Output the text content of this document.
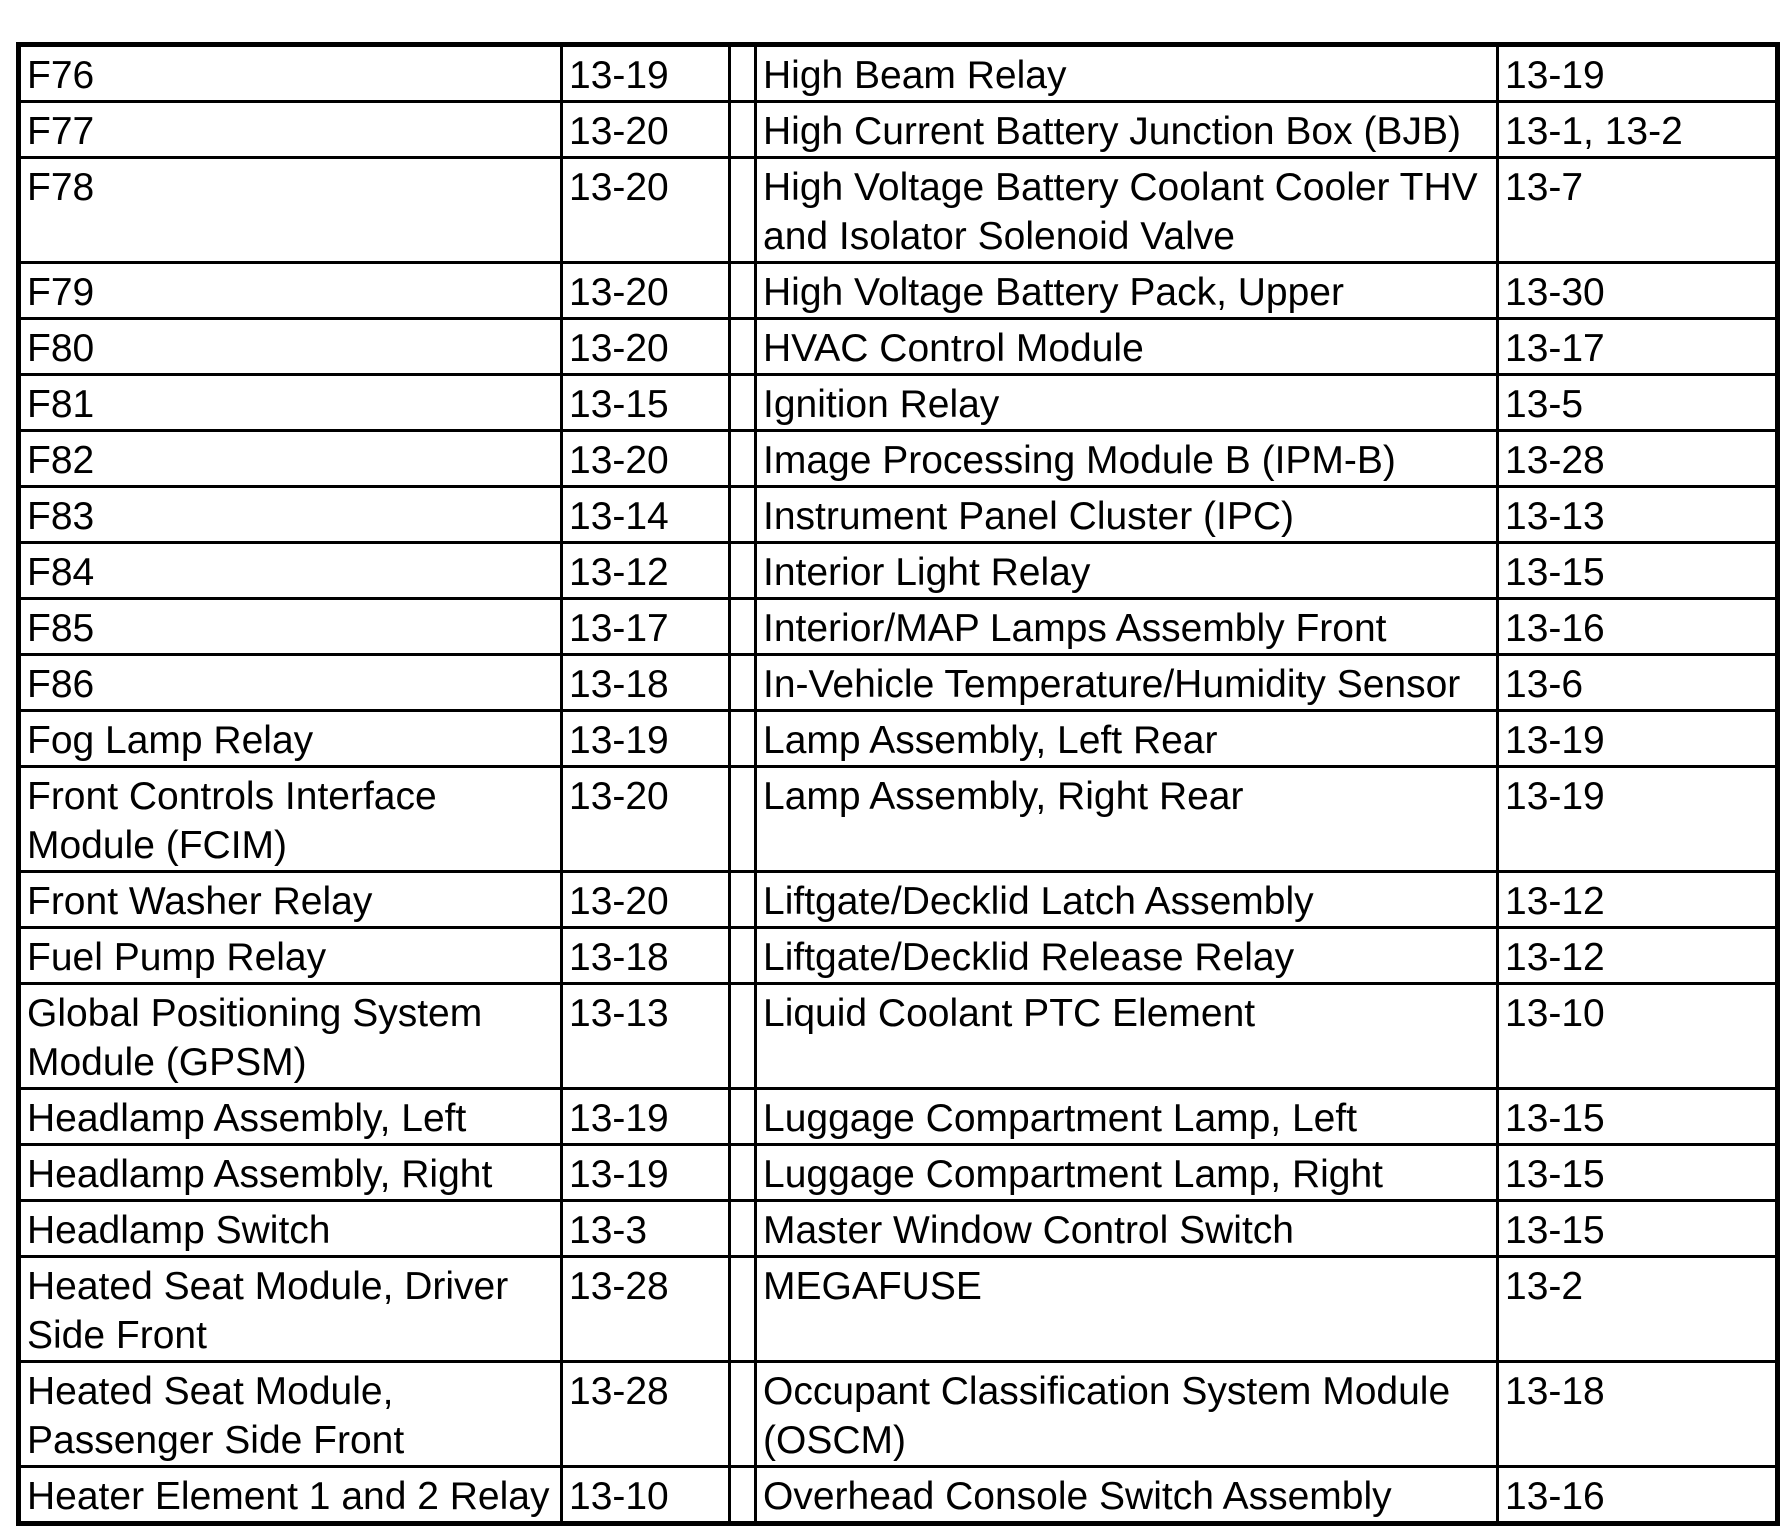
F76	13-19		High Beam Relay	13-19
F77	13-20		High Current Battery Junction Box (BJB)	13-1, 13-2
F78	13-20		High Voltage Battery Coolant Cooler THV and Isolator Solenoid Valve	13-7
F79	13-20		High Voltage Battery Pack, Upper	13-30
F80	13-20		HVAC Control Module	13-17
F81	13-15		Ignition Relay	13-5
F82	13-20		Image Processing Module B (IPM-B)	13-28
F83	13-14		Instrument Panel Cluster (IPC)	13-13
F84	13-12		Interior Light Relay	13-15
F85	13-17		Interior/MAP Lamps Assembly Front	13-16
F86	13-18		In-Vehicle Temperature/Humidity Sensor	13-6
Fog Lamp Relay	13-19		Lamp Assembly, Left Rear	13-19
Front Controls Interface Module (FCIM)	13-20		Lamp Assembly, Right Rear	13-19
Front Washer Relay	13-20		Liftgate/Decklid Latch Assembly	13-12
Fuel Pump Relay	13-18		Liftgate/Decklid Release Relay	13-12
Global Positioning System Module (GPSM)	13-13		Liquid Coolant PTC Element	13-10
Headlamp Assembly, Left	13-19		Luggage Compartment Lamp, Left	13-15
Headlamp Assembly, Right	13-19		Luggage Compartment Lamp, Right	13-15
Headlamp Switch	13-3		Master Window Control Switch	13-15
Heated Seat Module, Driver Side Front	13-28		MEGAFUSE	13-2
Heated Seat Module, Passenger Side Front	13-28		Occupant Classification System Module (OSCM)	13-18
Heater Element 1 and 2 Relay	13-10		Overhead Console Switch Assembly	13-16
